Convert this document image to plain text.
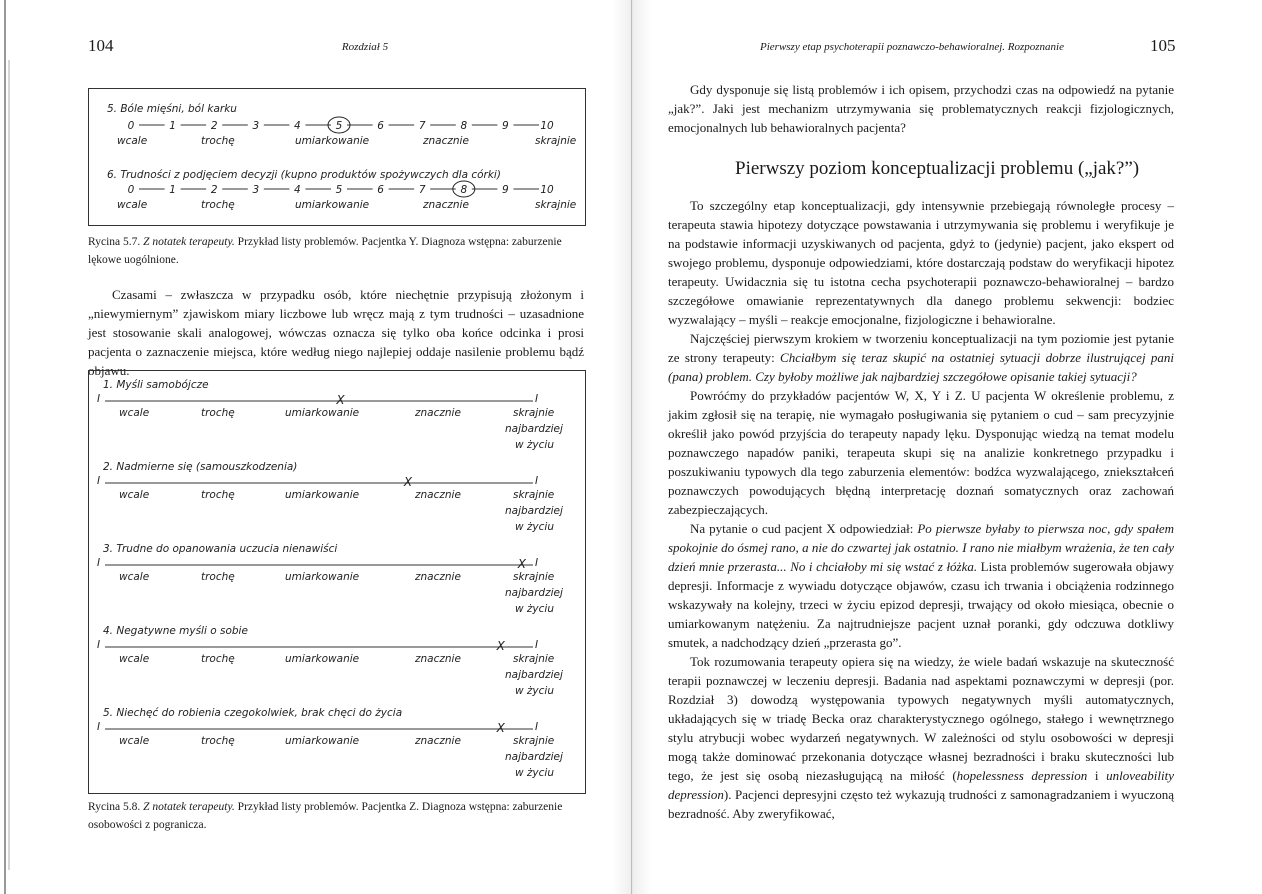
104	Rozdział 5
0	1	2	3	4	5	6	7	8	9	10
0	1	2	3	4	5	6	7	8	9	10
5. Bóle mięśni, ból karku
6. Trudności z podjęciem decyzji (kupno produktów spożywczych dla córki)
wcale	trochę	umiarkowanie	znacznie	skrajnie
wcale	trochę	umiarkowanie	znacznie	skrajnie
Rycina 5.7. Z notatek terapeuty. Przykład listy problemów. Pacjentka Y. Diagnoza wstępna: zaburzenie lękowe uogólnione.
Czasami – zwłaszcza w przypadku osób, które niechętnie przypisują złożonym i „niewymiernym” zjawiskom miary liczbowe lub wręcz mają z tym trudności – uzasadnione jest stosowanie skali analogowej, wówczas oznacza się tylko oba końce odcinka i prosi pacjenta o zaznaczenie miejsca, które według niego najlepiej oddaje nasilenie problemu bądź objawu.
1. Myśli samobójcze
I	I
X
wcale	trochę	umiarkowanie	znacznie	skrajnie
najbardziej
w życiu
2. Nadmierne się (samouszkodzenia)
I	I
X
wcale	trochę	umiarkowanie	znacznie	skrajnie
najbardziej
w życiu
3. Trudne do opanowania uczucia nienawiści
I	I
X
wcale	trochę	umiarkowanie	znacznie	skrajnie
najbardziej
w życiu
4. Negatywne myśli o sobie
I	I
X
wcale	trochę	umiarkowanie	znacznie	skrajnie
najbardziej
w życiu
5. Niechęć do robienia czegokolwiek, brak chęci do życia
I	I
X
wcale	trochę	umiarkowanie	znacznie	skrajnie
najbardziej
w życiu
Rycina 5.8. Z notatek terapeuty. Przykład listy problemów. Pacjentka Z. Diagnoza wstępna: zaburzenie osobowości z pogranicza.
Pierwszy etap psychoterapii poznawczo-behawioralnej. Rozpoznanie	105
Gdy dysponuje się listą problemów i ich opisem, przychodzi czas na odpowiedź na pytanie „jak?”. Jaki jest mechanizm utrzymywania się problematycznych reakcji fizjologicznych, emocjonalnych lub behawioralnych pacjenta?
Pierwszy poziom konceptualizacji problemu („jak?”)
To szczególny etap konceptualizacji, gdy intensywnie przebiegają równoległe procesy – terapeuta stawia hipotezy dotyczące powstawania i utrzymywania się problemu i weryfikuje je na podstawie informacji uzyskiwanych od pacjenta, gdyż to (jedynie) pacjent, jako ekspert od swojego problemu, dysponuje odpowiedziami, które dostarczają podstaw do weryfikacji hipotez terapeuty. Uwidacznia się tu istotna cecha psychoterapii poznawczo-behawioralnej – bardzo szczegółowe omawianie reprezentatywnych dla danego problemu sekwencji: bodziec wyzwalający – myśli – reakcje emocjonalne, fizjologiczne i behawioralne.
Najczęściej pierwszym krokiem w tworzeniu konceptualizacji na tym poziomie jest pytanie ze strony terapeuty: Chciałbym się teraz skupić na ostatniej sytuacji dobrze ilustrującej pani (pana) problem. Czy byłoby możliwe jak najbardziej szczegółowe opisanie takiej sytuacji?
Powróćmy do przykładów pacjentów W, X, Y i Z. U pacjenta W określenie problemu, z jakim zgłosił się na terapię, nie wymagało posługiwania się pytaniem o cud – sam precyzyjnie określił jako powód przyjścia do terapeuty napady lęku. Dysponując wiedzą na temat modelu poznawczego napadów paniki, terapeuta skupi się na analizie konkretnego przypadku i poszukiwaniu typowych dla tego zaburzenia elementów: bodźca wyzwalającego, zniekształceń poznawczych powodujących błędną interpretację doznań somatycznych oraz zachowań zabezpieczających.
Na pytanie o cud pacjent X odpowiedział: Po pierwsze byłaby to pierwsza noc, gdy spałem spokojnie do ósmej rano, a nie do czwartej jak ostatnio. I rano nie miałbym wrażenia, że ten cały dzień mnie przerasta... No i chciałoby mi się wstać z łóżka. Lista problemów sugerowała objawy depresji. Informacje z wywiadu dotyczące objawów, czasu ich trwania i obciążenia rodzinnego wskazywały na kolejny, trzeci w życiu epizod depresji, trwający od około miesiąca, obecnie o umiarkowanym natężeniu. Za najtrudniejsze pacjent uznał poranki, gdy odczuwa dotkliwy smutek, a nadchodzący dzień „przerasta go”.
Tok rozumowania terapeuty opiera się na wiedzy, że wiele badań wskazuje na skuteczność terapii poznawczej w leczeniu depresji. Badania nad aspektami poznawczymi w depresji (por. Rozdział 3) dowodzą występowania typowych negatywnych myśli automatycznych, układających się w triadę Becka oraz charakterystycznego ogólnego, stałego i wewnętrznego stylu atrybucji wobec wydarzeń negatywnych. W zależności od stylu osobowości w depresji mogą także dominować przekonania dotyczące własnej bezradności i braku skuteczności lub tego, że jest się osobą niezasługującą na miłość (hopelessness depression i unloveability depression). Pacjenci depresyjni często też wykazują trudności z samonagradzaniem i wyuczoną bezradność. Aby zweryfikować,
